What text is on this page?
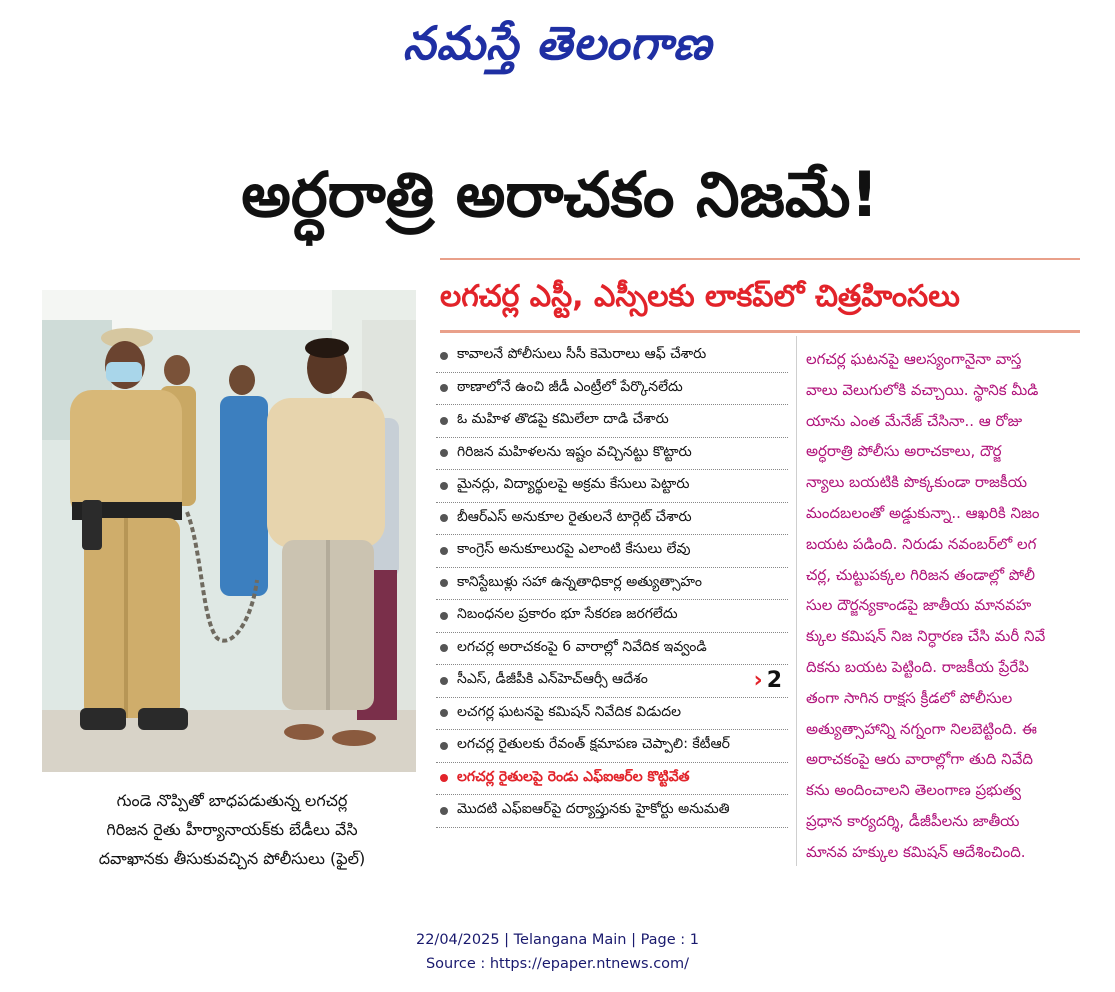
నమస్తే తెలంగాణ
అర్ధరాత్రి అరాచకం నిజమే!
లగచర్ల ఎస్టీ, ఎస్సీలకు లాకప్‌లో చిత్రహింసలు
గుండె నొప్పితో బాధపడుతున్న లగచర్ల
గిరిజన రైతు హీర్యానాయక్‌కు బేడీలు వేసి
దవాఖానకు తీసుకువచ్చిన పోలీసులు (ఫైల్)
కావాలనే పోలీసులు సీసీ కెమెరాలు ఆఫ్ చేశారు
ఠాణాలోనే ఉంచి జీడీ ఎంట్రీలో పేర్కొనలేదు
ఓ మహిళ తొడపై కమిలేలా దాడి చేశారు
గిరిజన మహిళలను ఇష్టం వచ్చినట్టు కొట్టారు
మైనర్లు, విద్యార్థులపై అక్రమ కేసులు పెట్టారు
బీఆర్‌ఎస్ అనుకూల రైతులనే టార్గెట్ చేశారు
కాంగ్రెస్ అనుకూలురపై ఎలాంటి కేసులు లేవు
కానిస్టేబుళ్లు సహా ఉన్నతాధికార్ల అత్యుత్సాహం
నిబంధనల ప్రకారం భూ సేకరణ జరగలేదు
లగచర్ల అరాచకంపై 6 వారాల్లో నివేదిక ఇవ్వండి
సీఎస్, డీజీపీకి ఎన్‌హెచ్ఆర్సీ ఆదేశం	› 2
లచగర్ల ఘటనపై కమిషన్ నివేదిక విడుదల
లగచర్ల రైతులకు రేవంత్ క్షమాపణ చెప్పాలి: కేటీఆర్
లగచర్ల రైతులపై రెండు ఎఫ్ఐఆర్‌ల కొట్టివేత
మొదటి ఎఫ్ఐఆర్‌పై దర్యాప్తునకు హైకోర్టు అనుమతి
లగచర్ల ఘటనపై ఆలస్యంగానైనా వాస్త
వాలు వెలుగులోకి వచ్చాయి. స్థానిక మీడి
యాను ఎంత మేనేజ్ చేసినా.. ఆ రోజు
అర్ధరాత్రి పోలీసు అరాచకాలు, దౌర్జ
న్యాలు బయటికి పొక్కకుండా రాజకీయ
మందబలంతో అడ్డుకున్నా.. ఆఖరికి నిజం
బయట పడింది. నిరుడు నవంబర్‌లో లగ
చర్ల, చుట్టుపక్కల గిరిజన తండాల్లో పోలీ
సుల దౌర్జన్యకాండపై జాతీయ మానవహ
క్కుల కమిషన్ నిజ నిర్ధారణ చేసి మరీ నివే
దికను బయట పెట్టింది. రాజకీయ ప్రేరేపి
తంగా సాగిన రాక్షస క్రీడలో పోలీసుల
అత్యుత్సాహాన్ని నగ్నంగా నిలబెట్టింది. ఈ
అరాచకంపై ఆరు వారాల్లోగా తుది నివేది
కను అందించాలని తెలంగాణ ప్రభుత్వ
ప్రధాన కార్యదర్శి, డీజీపీలను జాతీయ
మానవ హక్కుల కమిషన్ ఆదేశించింది.
22/04/2025 | Telangana Main | Page : 1
Source : https://epaper.ntnews.com/
